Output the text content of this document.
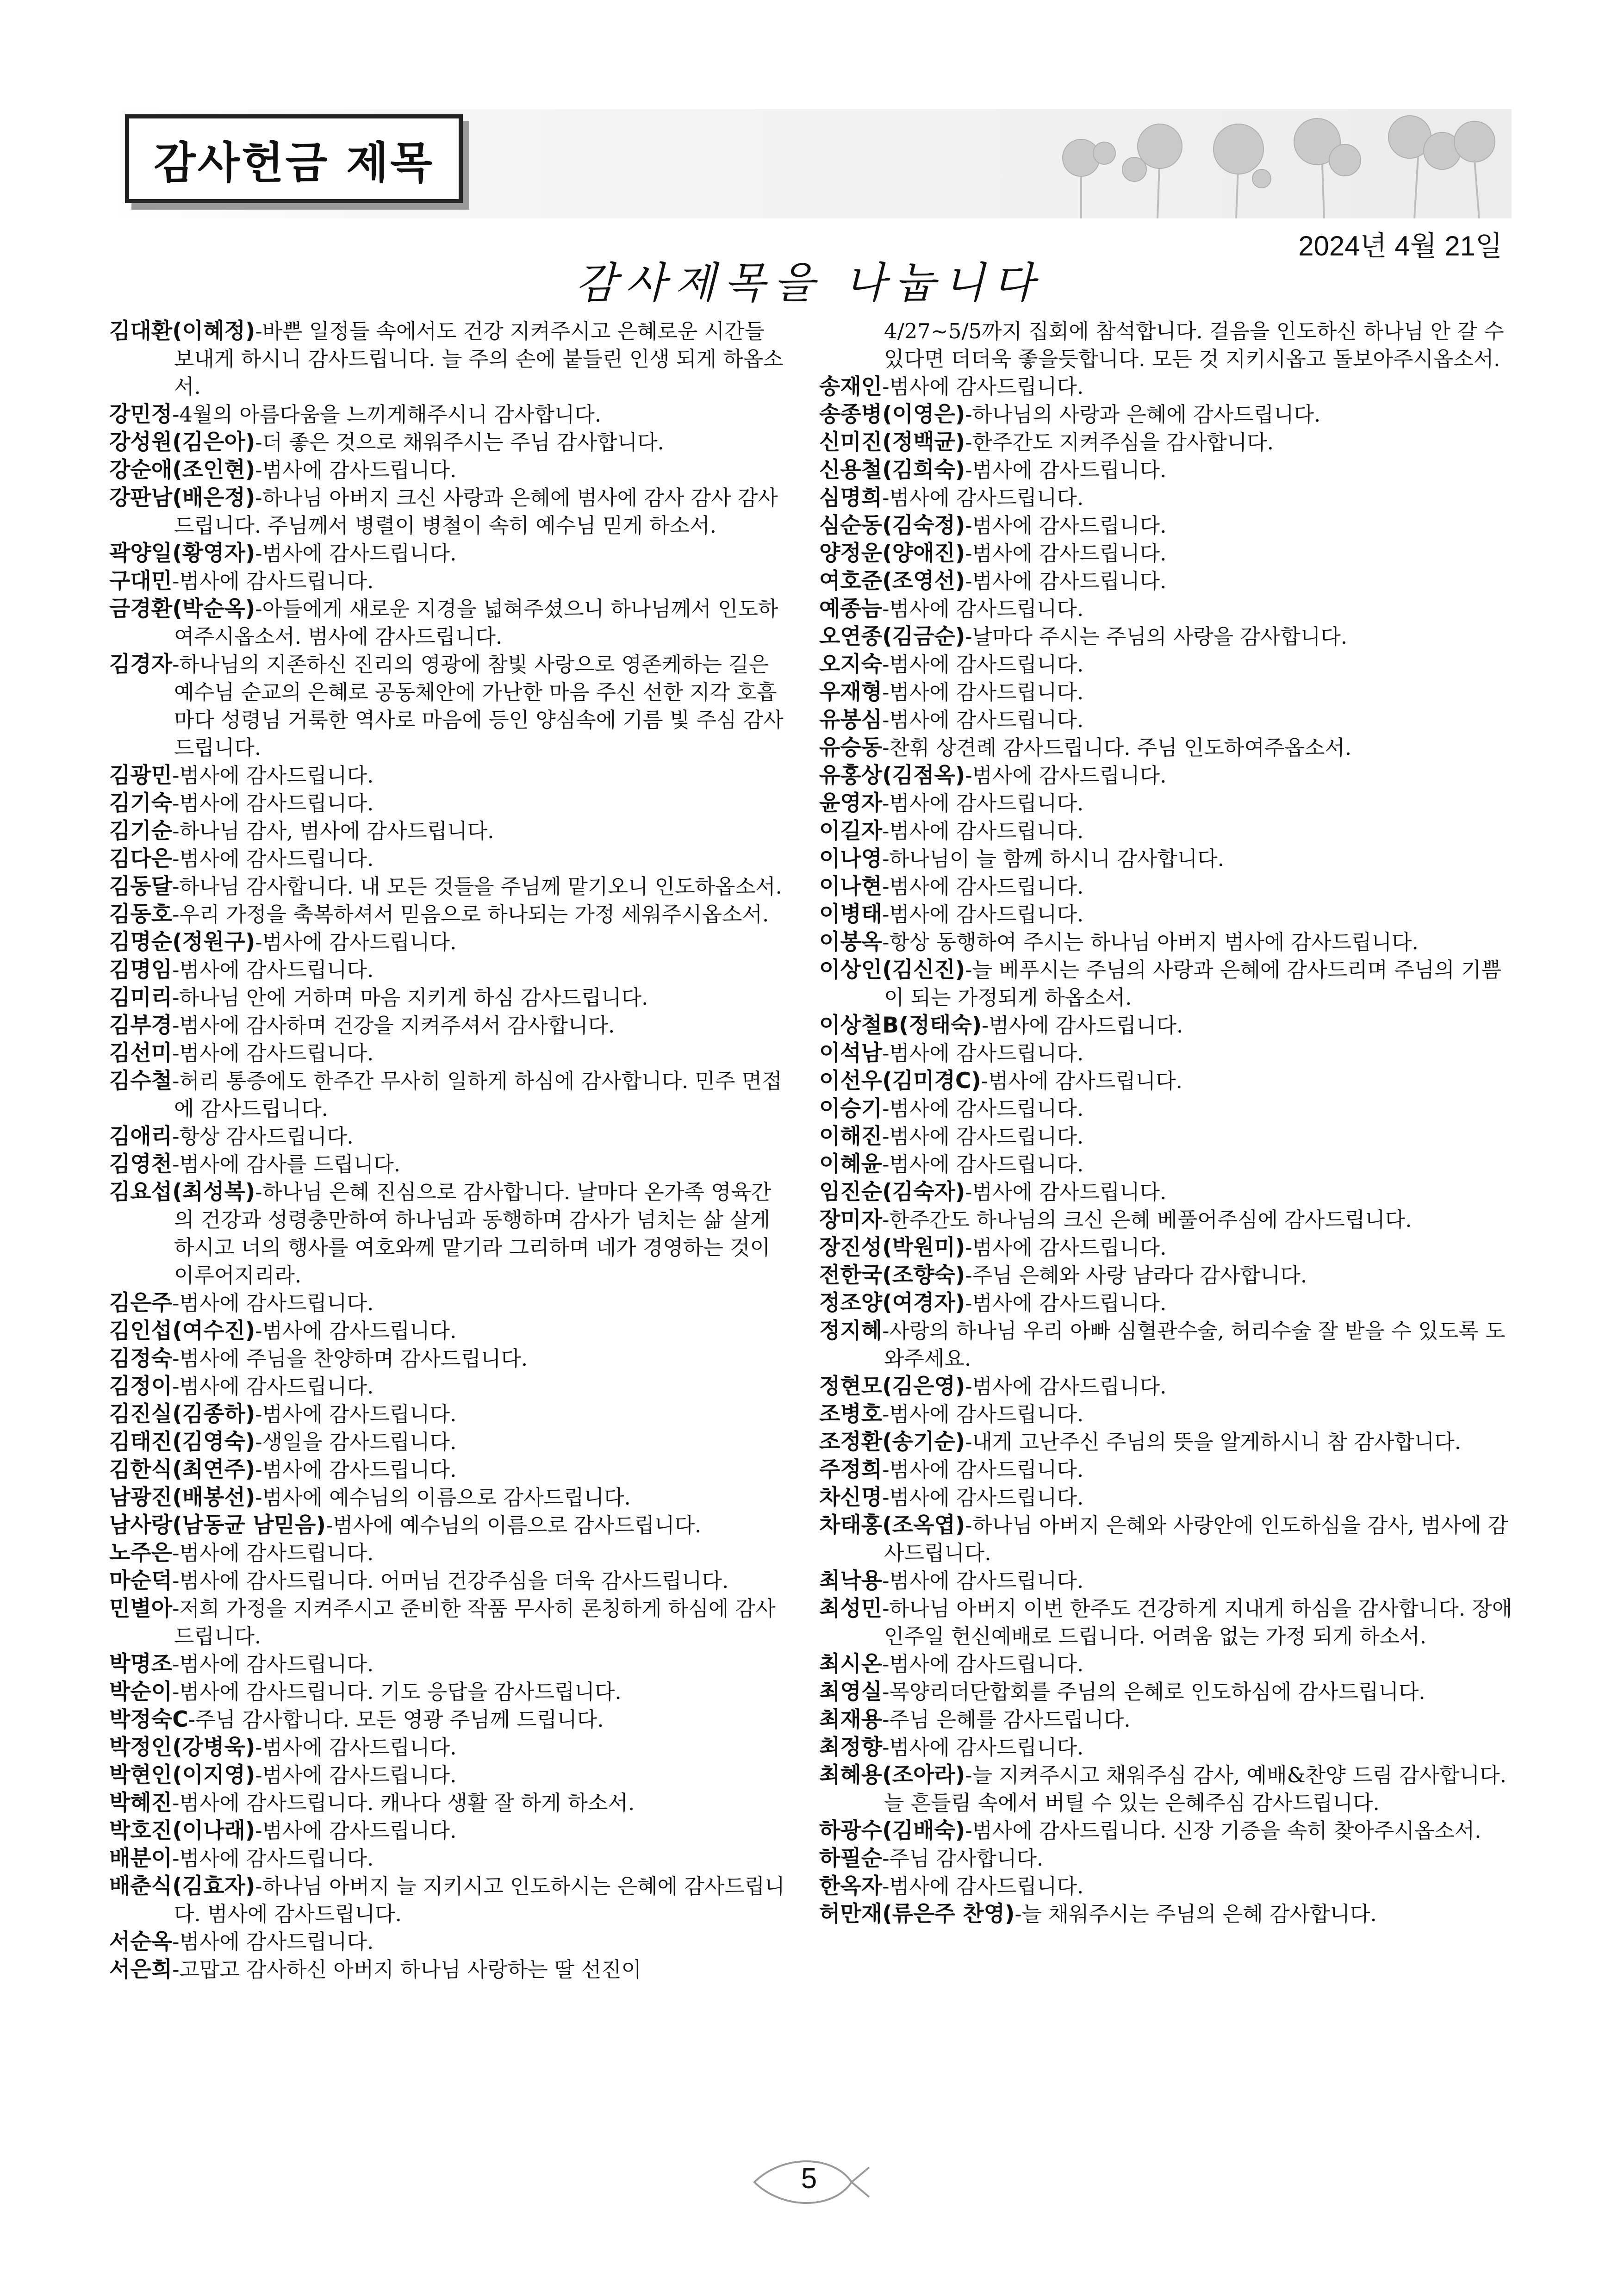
감사헌금 제목
2024년 4월 21일
감사제목을 나눕니다

김대환(이혜정)-바쁜 일정들 속에서도 건강 지켜주시고 은혜로운 시간들 보내게 하시니 감사드립니다. 늘 주의 손에 붙들린 인생 되게 하옵소서.

강민정-4월의 아름다움을 느끼게해주시니 감사합니다.

강성원(김은아)-더 좋은 것으로 채워주시는 주님 감사합니다.

강순애(조인현)-범사에 감사드립니다.

강판남(배은정)-하나님 아버지 크신 사랑과 은혜에 범사에 감사 감사 감사드립니다. 주님께서 병렬이 병철이 속히 예수님 믿게 하소서.

곽양일(황영자)-범사에 감사드립니다.

구대민-범사에 감사드립니다.

금경환(박순옥)-아들에게 새로운 지경을 넓혀주셨으니 하나님께서 인도하여주시옵소서. 범사에 감사드립니다.

김경자-하나님의 지존하신 진리의 영광에 참빛 사랑으로 영존케하는 길은 예수님 순교의 은혜로 공동체안에 가난한 마음 주신 선한 지각 호흡마다 성령님 거룩한 역사로 마음에 등인 양심속에 기름 빛 주심 감사드립니다.

김광민-범사에 감사드립니다.

김기숙-범사에 감사드립니다.

김기순-하나님 감사, 범사에 감사드립니다.

김다은-범사에 감사드립니다.

김동달-하나님 감사합니다. 내 모든 것들을 주님께 맡기오니 인도하옵소서.

김동호-우리 가정을 축복하셔서 믿음으로 하나되는 가정 세워주시옵소서.

김명순(정원구)-범사에 감사드립니다.

김명임-범사에 감사드립니다.

김미리-하나님 안에 거하며 마음 지키게 하심 감사드립니다.

김부경-범사에 감사하며 건강을 지켜주셔서 감사합니다.

김선미-범사에 감사드립니다.

김수철-허리 통증에도 한주간 무사히 일하게 하심에 감사합니다. 민주 면접에 감사드립니다.

김애리-항상 감사드립니다.

김영천-범사에 감사를 드립니다.

김요섭(최성복)-하나님 은혜 진심으로 감사합니다. 날마다 온가족 영육간의 건강과 성령충만하여 하나님과 동행하며 감사가 넘치는 삶 살게 하시고 너의 행사를 여호와께 맡기라 그리하며 네가 경영하는 것이 이루어지리라.

김은주-범사에 감사드립니다.

김인섭(여수진)-범사에 감사드립니다.

김정숙-범사에 주님을 찬양하며 감사드립니다.

김정이-범사에 감사드립니다.

김진실(김종하)-범사에 감사드립니다.

김태진(김영숙)-생일을 감사드립니다.

김한식(최연주)-범사에 감사드립니다.

남광진(배봉선)-범사에 예수님의 이름으로 감사드립니다.

남사랑(남동균 남믿음)-범사에 예수님의 이름으로 감사드립니다.

노주은-범사에 감사드립니다.

마순덕-범사에 감사드립니다. 어머님 건강주심을 더욱 감사드립니다.

민별아-저희 가정을 지켜주시고 준비한 작품 무사히 론칭하게 하심에 감사드립니다.

박명조-범사에 감사드립니다.

박순이-범사에 감사드립니다. 기도 응답을 감사드립니다.

박정숙C-주님 감사합니다. 모든 영광 주님께 드립니다.

박정인(강병욱)-범사에 감사드립니다.

박현인(이지영)-범사에 감사드립니다.

박혜진-범사에 감사드립니다. 캐나다 생활 잘 하게 하소서.

박호진(이나래)-범사에 감사드립니다.

배분이-범사에 감사드립니다.

배춘식(김효자)-하나님 아버지 늘 지키시고 인도하시는 은혜에 감사드립니다. 범사에 감사드립니다.

서순옥-범사에 감사드립니다.

서은희-고맙고 감사하신 아버지 하나님 사랑하는 딸 선진이

4/27~5/5까지 집회에 참석합니다. 걸음을 인도하신 하나님 안 갈 수 있다면 더더욱 좋을듯합니다. 모든 것 지키시옵고 돌보아주시옵소서.

송재인-범사에 감사드립니다.

송종병(이영은)-하나님의 사랑과 은혜에 감사드립니다.

신미진(정백균)-한주간도 지켜주심을 감사합니다.

신용철(김희숙)-범사에 감사드립니다.

심명희-범사에 감사드립니다.

심순동(김숙정)-범사에 감사드립니다.

양정운(양애진)-범사에 감사드립니다.

여호준(조영선)-범사에 감사드립니다.

예종늠-범사에 감사드립니다.

오연종(김금순)-날마다 주시는 주님의 사랑을 감사합니다.

오지숙-범사에 감사드립니다.

우재형-범사에 감사드립니다.

유봉심-범사에 감사드립니다.

유승동-찬휘 상견례 감사드립니다. 주님 인도하여주옵소서.

유홍상(김점옥)-범사에 감사드립니다.

윤영자-범사에 감사드립니다.

이길자-범사에 감사드립니다.

이나영-하나님이 늘 함께 하시니 감사합니다.

이나현-범사에 감사드립니다.

이병태-범사에 감사드립니다.

이봉옥-항상 동행하여 주시는 하나님 아버지 범사에 감사드립니다.

이상인(김신진)-늘 베푸시는 주님의 사랑과 은혜에 감사드리며 주님의 기쁨이 되는 가정되게 하옵소서.

이상철B(정태숙)-범사에 감사드립니다.

이석남-범사에 감사드립니다.

이선우(김미경C)-범사에 감사드립니다.

이승기-범사에 감사드립니다.

이해진-범사에 감사드립니다.

이혜윤-범사에 감사드립니다.

임진순(김숙자)-범사에 감사드립니다.

장미자-한주간도 하나님의 크신 은혜 베풀어주심에 감사드립니다.

장진성(박원미)-범사에 감사드립니다.

전한국(조향숙)-주님 은혜와 사랑 남라다 감사합니다.

정조양(여경자)-범사에 감사드립니다.

정지혜-사랑의 하나님 우리 아빠 심혈관수술, 허리수술 잘 받을 수 있도록 도와주세요.

정현모(김은영)-범사에 감사드립니다.

조병호-범사에 감사드립니다.

조정환(송기순)-내게 고난주신 주님의 뜻을 알게하시니 참 감사합니다.

주정희-범사에 감사드립니다.

차신명-범사에 감사드립니다.

차태홍(조옥엽)-하나님 아버지 은혜와 사랑안에 인도하심을 감사, 범사에 감사드립니다.

최낙용-범사에 감사드립니다.

최성민-하나님 아버지 이번 한주도 건강하게 지내게 하심을 감사합니다. 장애인주일 헌신예배로 드립니다. 어려움 없는 가정 되게 하소서.

최시온-범사에 감사드립니다.

최영실-목양리더단합회를 주님의 은혜로 인도하심에 감사드립니다.

최재용-주님 은혜를 감사드립니다.

최정향-범사에 감사드립니다.

최혜용(조아라)-늘 지켜주시고 채워주심 감사, 예배&찬양 드림 감사합니다. 늘 흔들림 속에서 버틸 수 있는 은혜주심 감사드립니다.

하광수(김배숙)-범사에 감사드립니다. 신장 기증을 속히 찾아주시옵소서.

하필순-주님 감사합니다.

한옥자-범사에 감사드립니다.

허만재(류은주 찬영)-늘 채워주시는 주님의 은혜 감사합니다.

5
